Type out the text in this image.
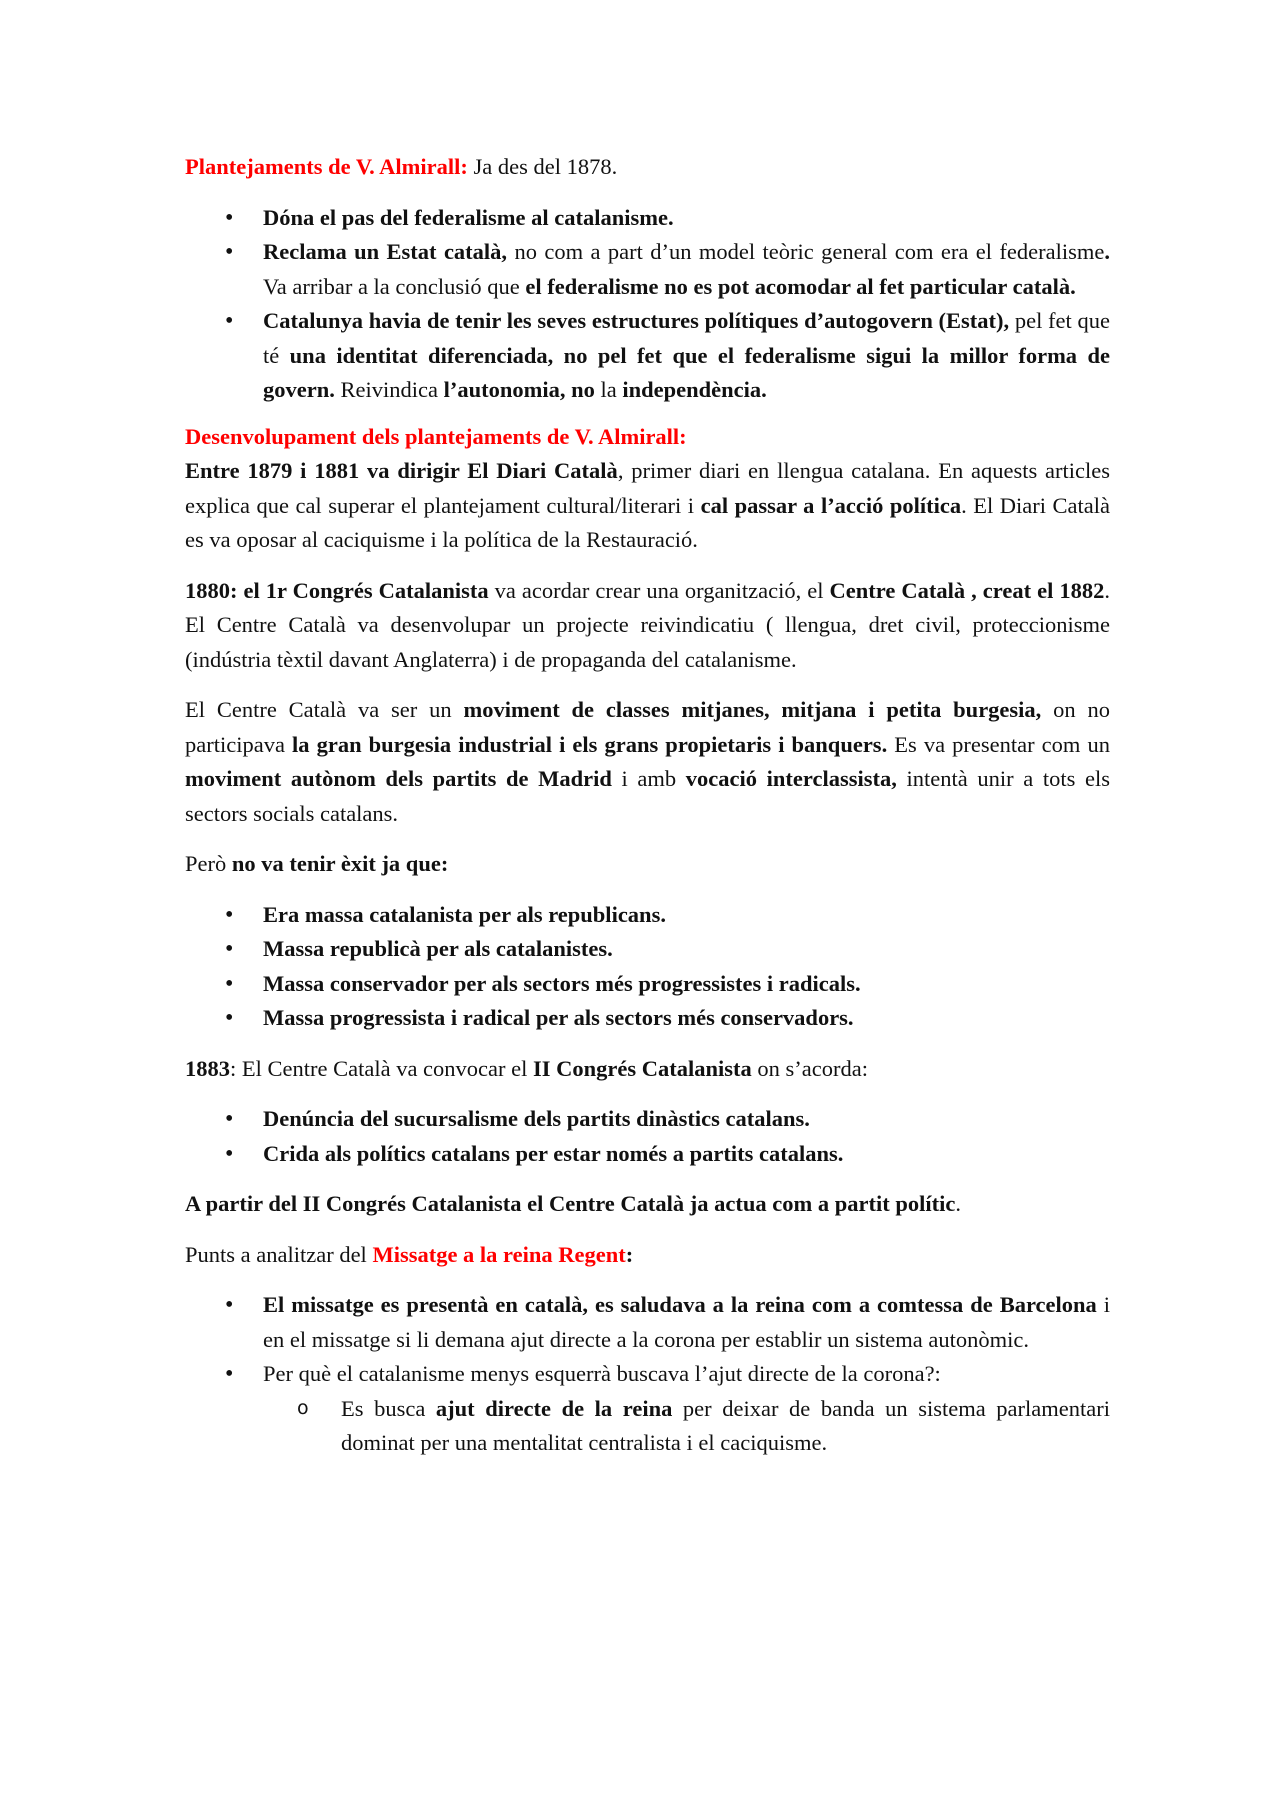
Plantejaments de V. Almirall: Ja des del 1878.

• Dóna el pas del federalisme al catalanisme.
• Reclama un Estat català, no com a part d’un model teòric general com era el federalisme. Va arribar a la conclusió que el federalisme no es pot acomodar al fet particular català.
• Catalunya havia de tenir les seves estructures polítiques d’autogovern (Estat), pel fet que té una identitat diferenciada, no pel fet que el federalisme sigui la millor forma de govern. Reivindica l’autonomia, no la independència.

Desenvolupament dels plantejaments de V. Almirall:

Entre 1879 i 1881 va dirigir El Diari Català, primer diari en llengua catalana. En aquests articles explica que cal superar el plantejament cultural/literari i cal passar a l’acció política. El Diari Català es va oposar al caciquisme i la política de la Restauració.

1880: el 1r Congrés Catalanista va acordar crear una organització, el Centre Català , creat el 1882. El Centre Català va desenvolupar un projecte reivindicatiu ( llengua, dret civil, proteccionisme (indústria tèxtil davant Anglaterra) i de propaganda del catalanisme.

El Centre Català va ser un moviment de classes mitjanes, mitjana i petita burgesia, on no participava la gran burgesia industrial i els grans propietaris i banquers. Es va presentar com un moviment autònom dels partits de Madrid i amb vocació interclassista, intentà unir a tots els sectors socials catalans.

Però no va tenir èxit ja que:

• Era massa catalanista per als republicans.
• Massa republicà per als catalanistes.
• Massa conservador per als sectors més progressistes i radicals.
• Massa progressista i radical per als sectors més conservadors.

1883: El Centre Català va convocar el II Congrés Catalanista on s’acorda:

• Denúncia del sucursalisme dels partits dinàstics catalans.
• Crida als polítics catalans per estar només a partits catalans.

A partir del II Congrés Catalanista el Centre Català ja actua com a partit polític.

Punts a analitzar del Missatge a la reina Regent:

• El missatge es presentà en català, es saludava a la reina com a comtessa de Barcelona i en el missatge si li demana ajut directe a la corona per establir un sistema autonòmic.
• Per què el catalanisme menys esquerrà buscava l’ajut directe de la corona?:
o Es busca ajut directe de la reina per deixar de banda un sistema parlamentari dominat per una mentalitat centralista i el caciquisme.
